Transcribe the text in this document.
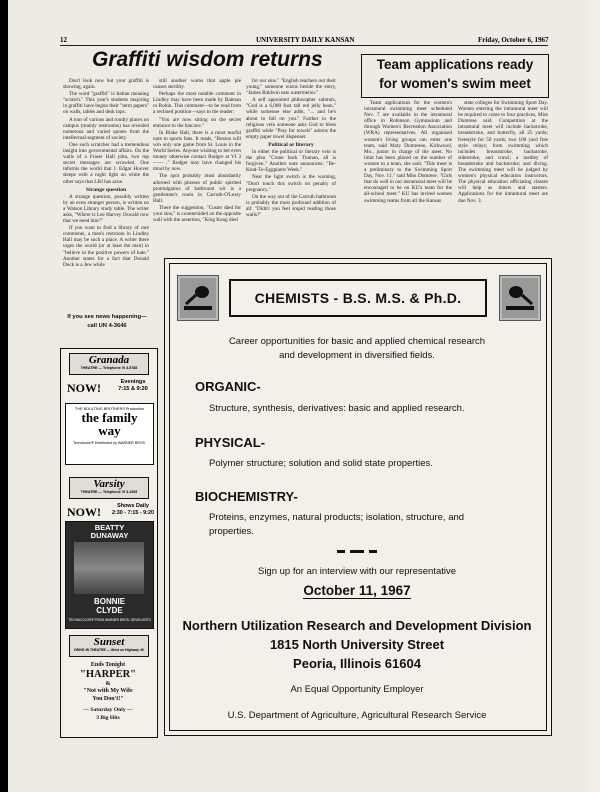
12	UNIVERSITY DAILY KANSAN	Friday, October 6, 1967
Graffiti wisdom returns

Don't look now but your graffiti is showing, again.

The word "graffiti" is Italian meaning "scratch." This year's students majoring in graffiti have begun their "term papers" on walls, tables and desk tops.

A tour of various and roudry places on campus (mainly restrooms) has revealed numerous and varied quotes from the intellectual segment of society.

One such scratcher had a tremendous insight into governmental affairs. On the walls of a Fraser Hall john, two top secret messages are scrawled. One informs the world that J. Edgar Hoover sleeps with a night light on while the other says that LBJ has acne.

Strange question

A strange question, possibly written by an even stranger person, is written on a Watson Library study table. The writer asks, "Where is Lee Harvey Oswald now that we need him?"

If you want to find a library of rare comments, a men's restroom in Lindley Hall may be such a place. A writer there urges the world (or at least the men) to "believe in the positive powers of hate." Another states for a fact that Donald Duck is a Jew while

still another warns that apple pie causes sterility.

Perhaps the most notable comment in Lindley may have been made by Batman or Robin. This comment—to be read from a reclined position—says to the reader:

"You are now sitting on the secret entrance to the batcave."

In Blake Hall, there is a most tearful note to sports fans. It reads, "Boston will win only one game from St. Louis in the World Series. Anyone wishing to bet even money otherwise contact Rodger at VI 3—— ." Rodger may have changed his mind by now.

The spot probably most abundantly adorned with phrases of public spirited promulgators of bathroom wit is a gentlemen's room in Carruth-O'Leary Hall.

There the suggestion, "Custer died for your sins," is countersided on the opposite wall with the assertion, "King Kong died

for our sins." "English teachers out their young," someone warns beside the entry, "James Baldwin eats watermelon."

A self appointed philosopher submits, "God is a 6,000 foot tall red jelly bean," while someone else adds, "... and he's about to fall on you." Further in the religious vein someone asks God to bless graffiti while "Pray for towels" adorns the empty paper towel dispenser.

Political or literary

In either the political or literary vein is the plea "Come back Truman, all is forgiven." Another note announces: "Be-Kind-To-Eggplants Week."

Near the light switch is the warning, "Don't touch this switch on penalty of pregnancy."

On the way out of the Carruth bathroom is probably the most profound addition of all: "Didn't you feel stupid reading those walls?"

If you see news happening—
call UN 4-3646
Team applications ready
for women's swim meet

Team applications for the women's intramural swimming meet scheduled Nov. 7 are available in the intramural office in Robinson Gymnasium and through Women's Recreation Association (WRA) representatives. All organized women's living groups can enter one team, said Mary Domreese, Kirkwood, Mo., junior in charge of the meet. No limit has been placed on the number of women to a team, she said. "This meet is a preliminary to the Swimming Sport Day, Nov. 11," said Miss Domrese. "Girls that do well in our intramural meet will be encouraged to be on KU's team for the all-school meet." KU has invited women swimming teams from all the Kansas

state colleges for Swimming Sport Day. Women entering the intramural meet will be required to come to four practices, Miss Domrese said. Competition at the intramural meet will include backstroke, breaststroke, and butterfly, all 25 yards; freestyle for 50 yards; two 100 yard free style relays; form swimming which includes breaststroke, backstroke, sidestroke, and crawl; a medley of breaststroke and backstroke; and diving. The swimming meet will be judged by women's physical education instructors. The physical education officiating classes will help as timers and starters. Applications for the intramural meet are due Nov. 3.

CHEMISTS - B.S. M.S. & Ph.D.
Career opportunities for basic and applied chemical research
and development in diversified fields.
ORGANIC-
Structure, synthesis, derivatives: basic and applied research.
PHYSICAL-
Polymer structure; solution and solid state properties.
BIOCHEMISTRY-
Proteins, enzymes, natural products; isolation, structure, and
properties.
Sign up for an interview with our representative
October 11, 1967
Northern Utilization Research and Development Division
1815 North University Street
Peoria, Illinois 61604
An Equal Opportunity Employer
U.S. Department of Agriculture, Agricultural Research Service
Granada
THEATRE — Telephone VI 3-5788
NOW!	Evenings
7:15 & 9:20
THE BOULTING BROTHERS Production
the family
way
Technicolor® Distributed by WARNER BROS.
Varsity
THEATRE — Telephone VI 3-1065
NOW!	Shows Daily
2:30 - 7:15 - 9:20
BEATTY
DUNAWAY
BONNIE
CLYDE
TECHNICOLOR® FROM WARNER BROS.-SEVEN ARTS
Sunset
DRIVE-IN THEATRE — West on Highway 40
Ends Tonight
"HARPER"
&
"Not with My Wife
You Don't!"
— Saturday Only —
3 Big Hits
